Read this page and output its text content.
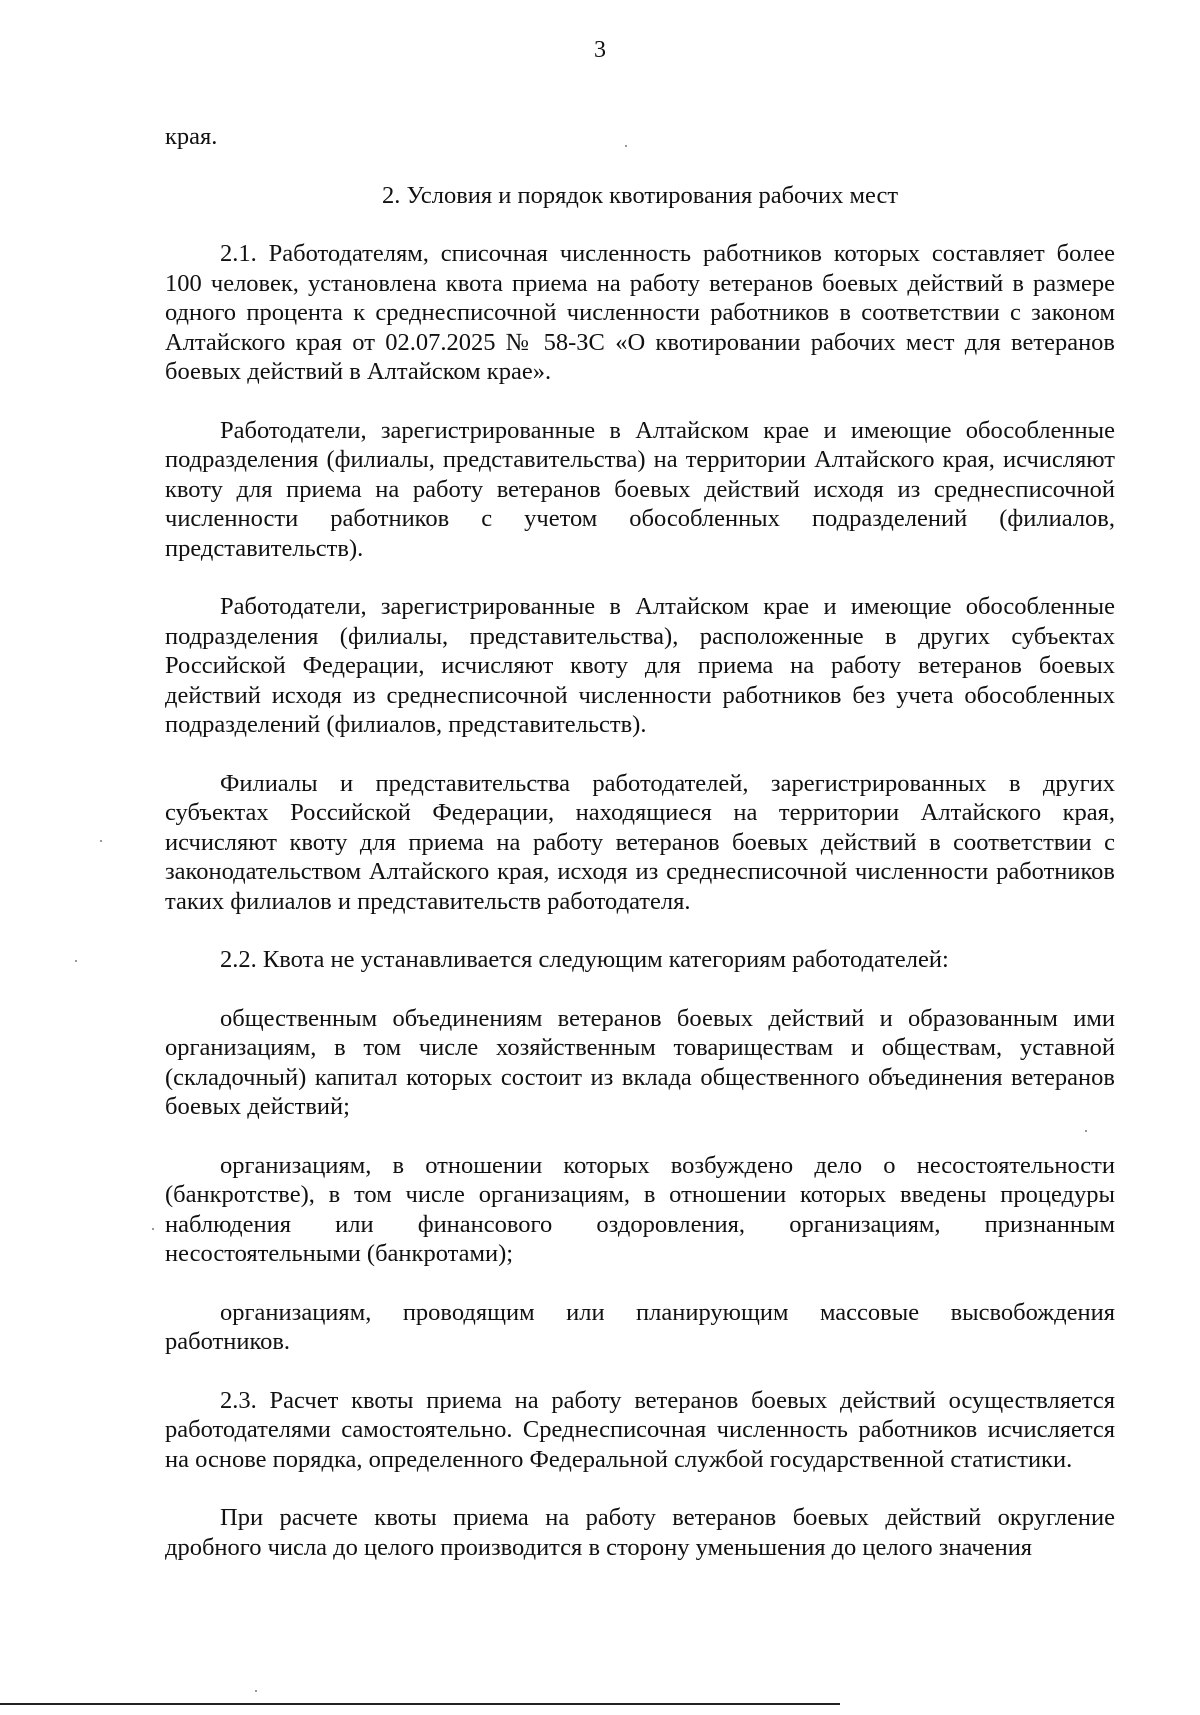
3

края.

2. Условия и порядок квотирования рабочих мест

2.1. Работодателям, списочная численность работников которых составляет более 100 человек, установлена квота приема на работу ветеранов боевых действий в размере одного процента к среднесписочной численности работников в соответствии с законом Алтайского края от 02.07.2025 № 58-ЗС «О квотировании рабочих мест для ветеранов боевых действий в Алтайском крае».

Работодатели, зарегистрированные в Алтайском крае и имеющие обособленные подразделения (филиалы, представительства) на территории Алтайского края, исчисляют квоту для приема на работу ветеранов боевых действий исходя из среднесписочной численности работников с учетом обособленных подразделений (филиалов, представительств).

Работодатели, зарегистрированные в Алтайском крае и имеющие обособленные подразделения (филиалы, представительства), расположенные в других субъектах Российской Федерации, исчисляют квоту для приема на работу ветеранов боевых действий исходя из среднесписочной численности работников без учета обособленных подразделений (филиалов, представительств).

Филиалы и представительства работодателей, зарегистрированных в других субъектах Российской Федерации, находящиеся на территории Алтайского края, исчисляют квоту для приема на работу ветеранов боевых действий в соответствии с законодательством Алтайского края, исходя из среднесписочной численности работников таких филиалов и представительств работодателя.

2.2. Квота не устанавливается следующим категориям работодателей:

общественным объединениям ветеранов боевых действий и образованным ими организациям, в том числе хозяйственным товариществам и обществам, уставной (складочный) капитал которых состоит из вклада общественного объединения ветеранов боевых действий;

организациям, в отношении которых возбуждено дело о несостоятельности (банкротстве), в том числе организациям, в отношении которых введены процедуры наблюдения или финансового оздоровления, организациям, признанным несостоятельными (банкротами);

организациям, проводящим или планирующим массовые высвобождения работников.

2.3. Расчет квоты приема на работу ветеранов боевых действий осуществляется работодателями самостоятельно. Среднесписочная численность работников исчисляется на основе порядка, определенного Федеральной службой государственной статистики.

При расчете квоты приема на работу ветеранов боевых действий округление дробного числа до целого производится в сторону уменьшения до целого значения
